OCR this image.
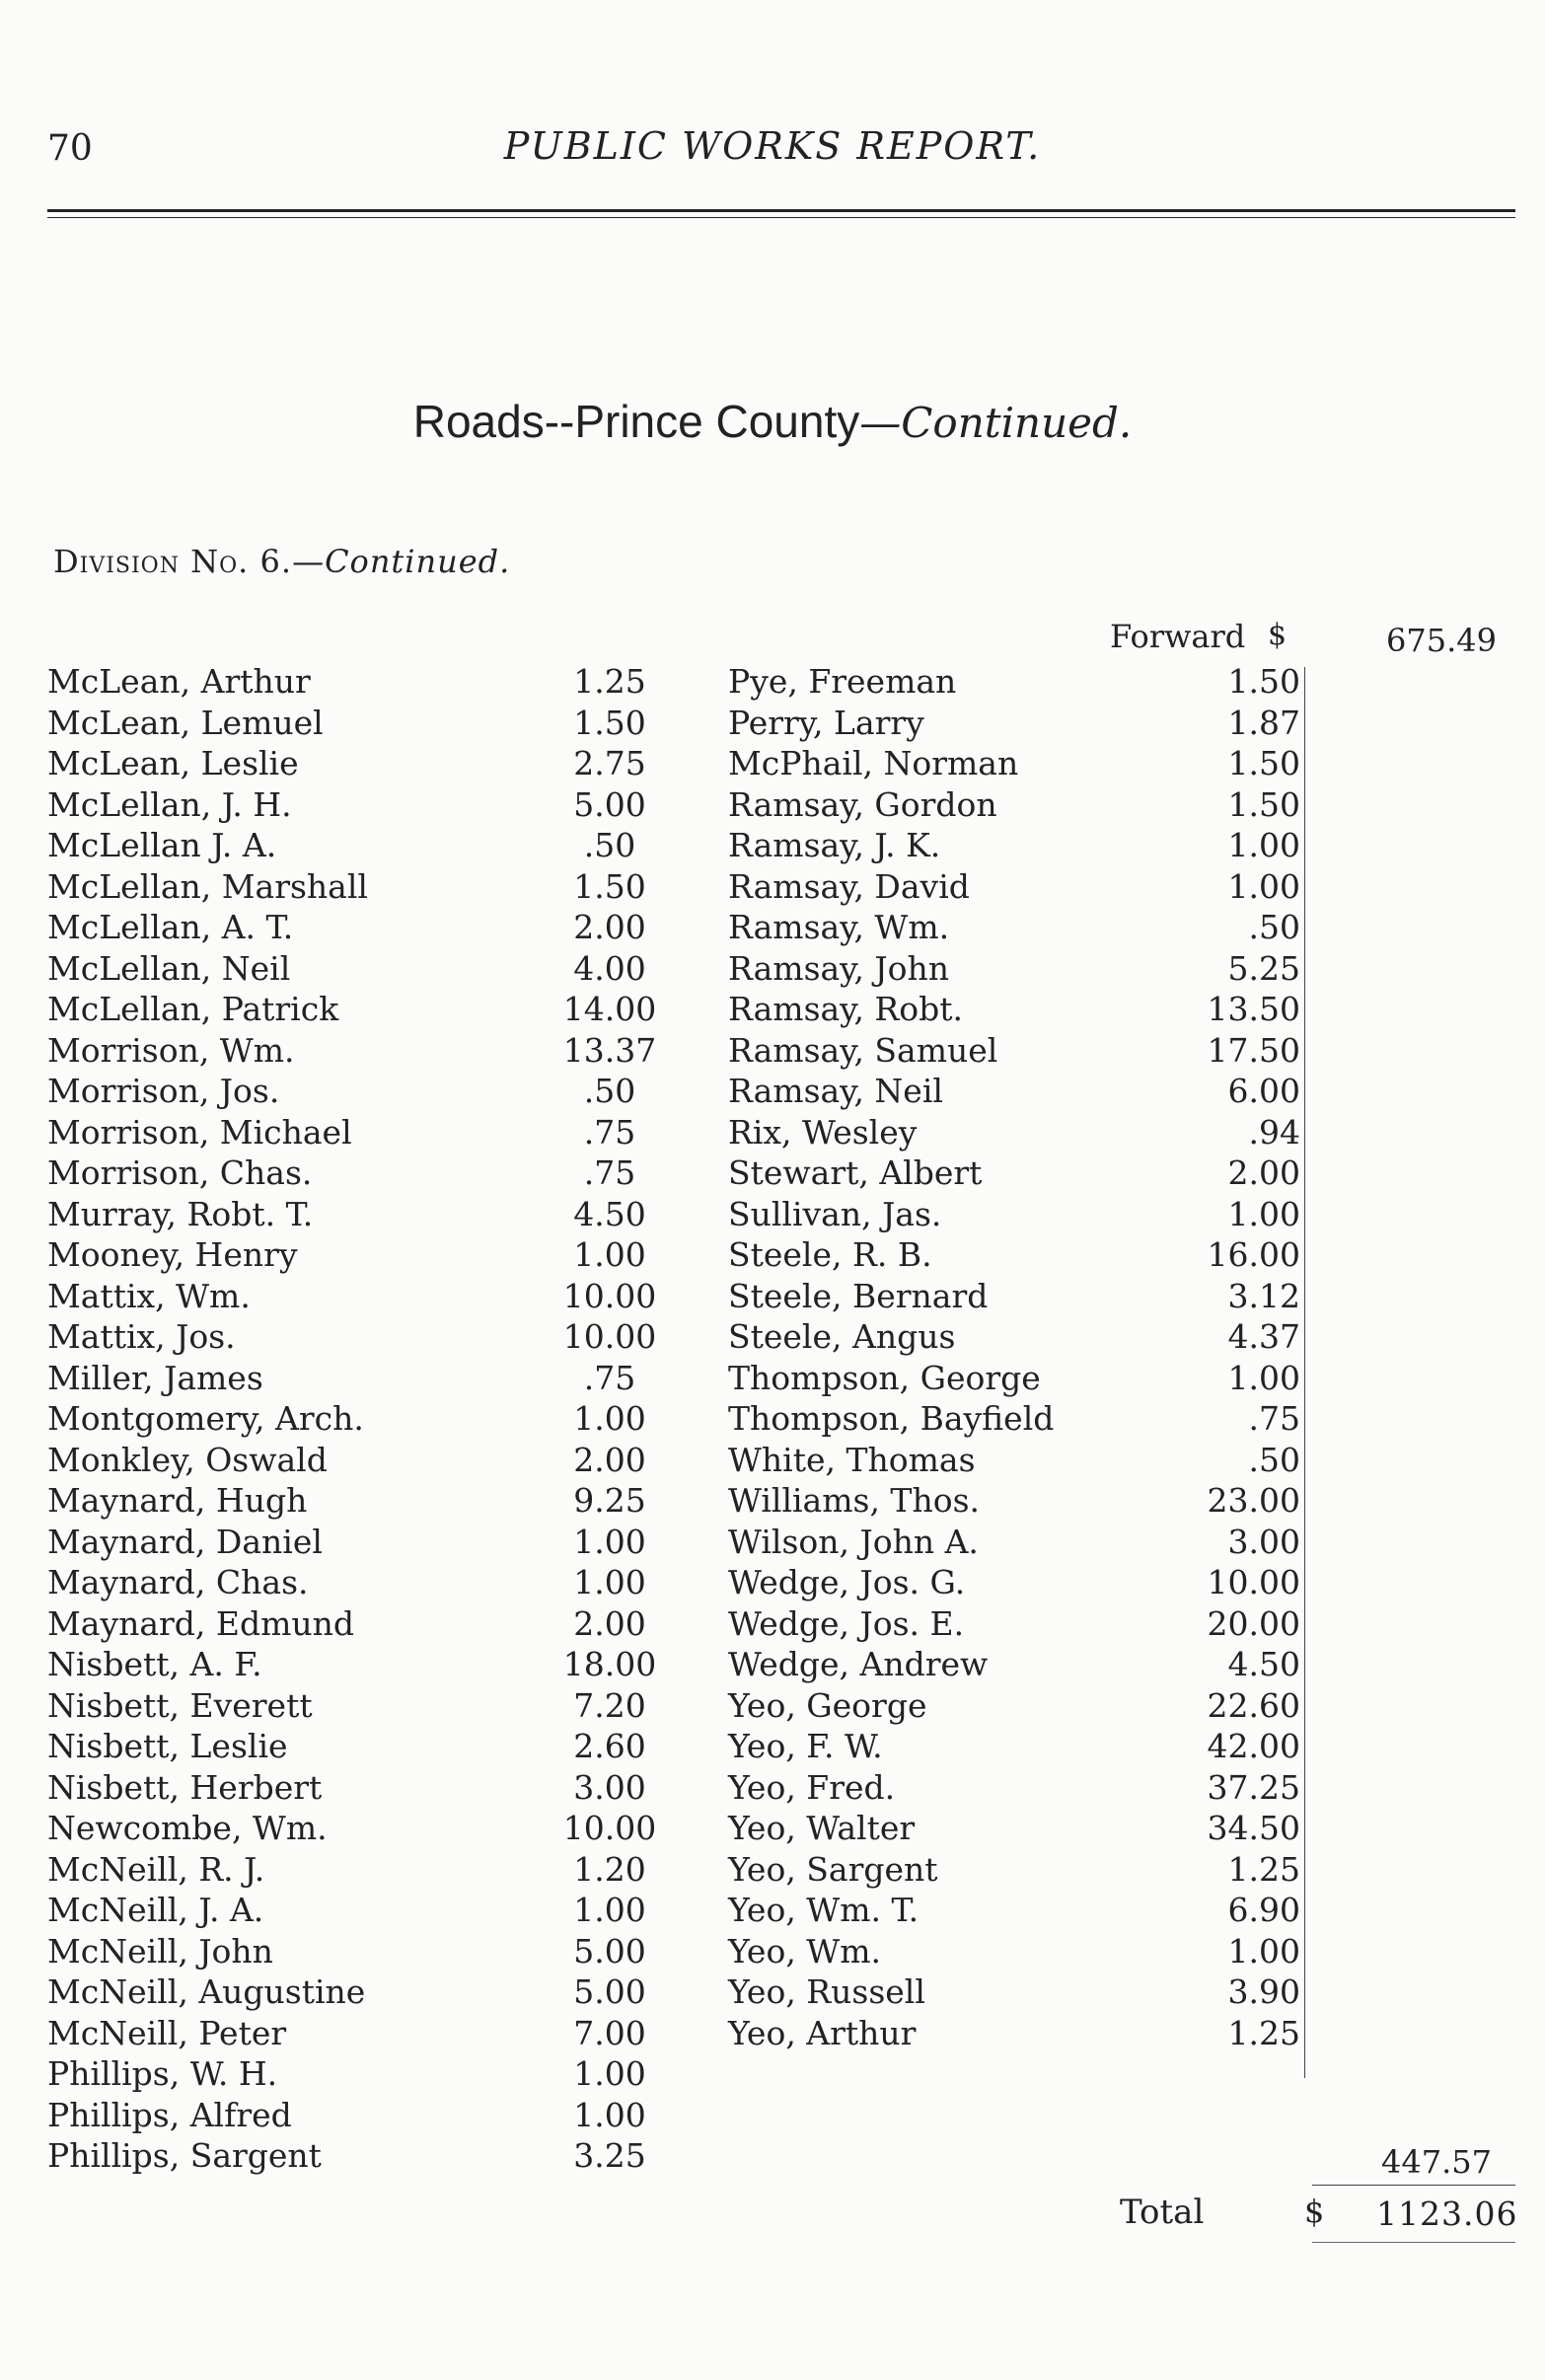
70	PUBLIC WORKS REPORT.
Roads--Prince County—Continued.
Division No. 6.—Continued.
Forward $	675.49
McLean, Arthur	1.25
McLean, Lemuel	1.50
McLean, Leslie	2.75
McLellan, J. H.	5.00
McLellan J. A.	.50
McLellan, Marshall	1.50
McLellan, A. T.	2.00
McLellan, Neil	4.00
McLellan, Patrick	14.00
Morrison, Wm.	13.37
Morrison, Jos.	.50
Morrison, Michael	.75
Morrison, Chas.	.75
Murray, Robt. T.	4.50
Mooney, Henry	1.00
Mattix, Wm.	10.00
Mattix, Jos.	10.00
Miller, James	.75
Montgomery, Arch.	1.00
Monkley, Oswald	2.00
Maynard, Hugh	9.25
Maynard, Daniel	1.00
Maynard, Chas.	1.00
Maynard, Edmund	2.00
Nisbett, A. F.	18.00
Nisbett, Everett	7.20
Nisbett, Leslie	2.60
Nisbett, Herbert	3.00
Newcombe, Wm.	10.00
McNeill, R. J.	1.20
McNeill, J. A.	1.00
McNeill, John	5.00
McNeill, Augustine	5.00
McNeill, Peter	7.00
Phillips, W. H.	1.00
Phillips, Alfred	1.00
Phillips, Sargent	3.25
Pye, Freeman	1.50
Perry, Larry	1.87
McPhail, Norman	1.50
Ramsay, Gordon	1.50
Ramsay, J. K.	1.00
Ramsay, David	1.00
Ramsay, Wm.	.50
Ramsay, John	5.25
Ramsay, Robt.	13.50
Ramsay, Samuel	17.50
Ramsay, Neil	6.00
Rix, Wesley	.94
Stewart, Albert	2.00
Sullivan, Jas.	1.00
Steele, R. B.	16.00
Steele, Bernard	3.12
Steele, Angus	4.37
Thompson, George	1.00
Thompson, Bayfield	.75
White, Thomas	.50
Williams, Thos.	23.00
Wilson, John A.	3.00
Wedge, Jos. G.	10.00
Wedge, Jos. E.	20.00
Wedge, Andrew	4.50
Yeo, George	22.60
Yeo, F. W.	42.00
Yeo, Fred.	37.25
Yeo, Walter	34.50
Yeo, Sargent	1.25
Yeo, Wm. T.	6.90
Yeo, Wm.	1.00
Yeo, Russell	3.90
Yeo, Arthur	1.25
447.57
Total	$ 1123.06
